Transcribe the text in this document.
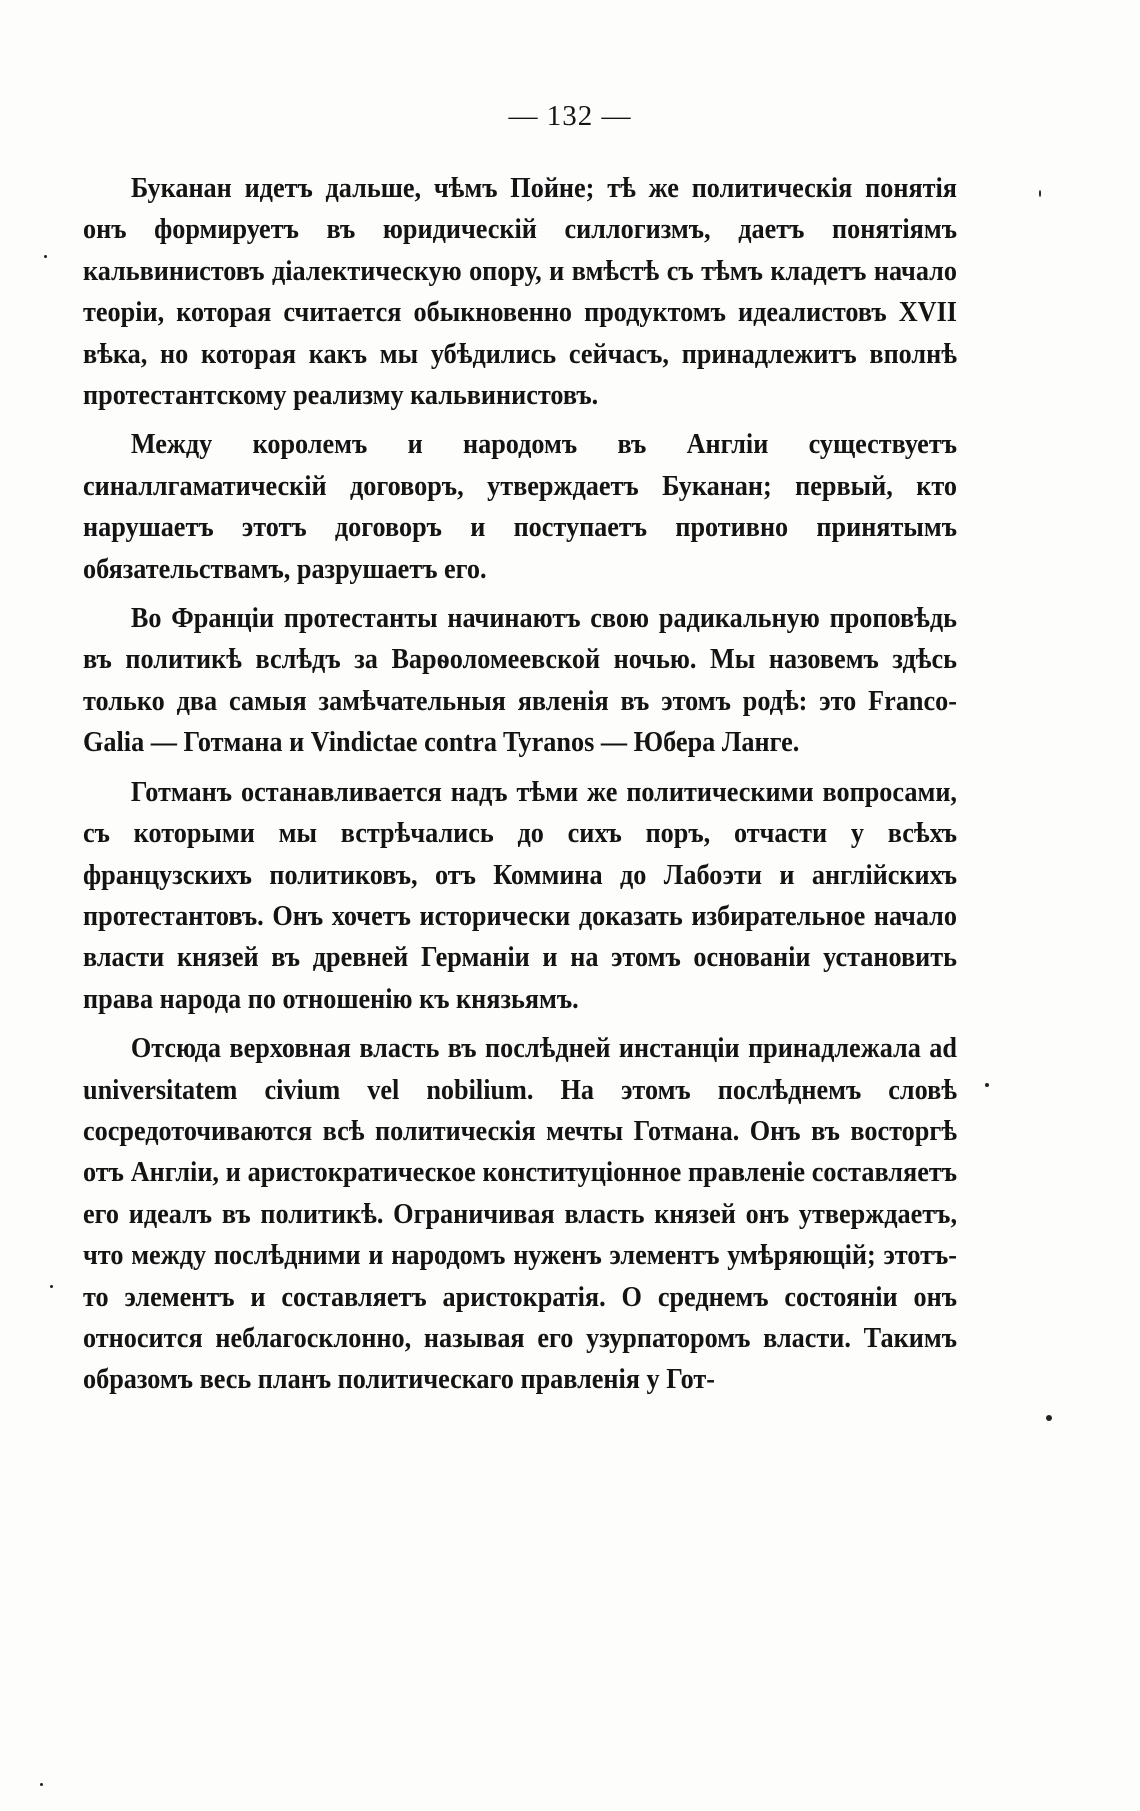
— 132 —

Буканан идетъ дальше, чѣмъ Пойне; тѣ же политическія понятія онъ формируетъ въ юридическій силлогизмъ, даетъ понятіямъ кальвинистовъ діалектическую опору, и вмѣстѣ съ тѣмъ кладетъ начало теоріи, которая считается обыкновенно продуктомъ идеалистовъ XVII вѣка, но которая какъ мы убѣдились сейчасъ, принадлежитъ вполнѣ протестантскому реализму кальвинистовъ.

Между королемъ и народомъ въ Англіи существуетъ синаллгаматическій договоръ, утверждаетъ Буканан; первый, кто нарушаетъ этотъ договоръ и поступаетъ противно принятымъ обязательствамъ, разрушаетъ его.

Во Франціи протестанты начинаютъ свою радикальную проповѣдь въ политикѣ вслѣдъ за Варѳоломеевской ночью. Мы назовемъ здѣсь только два самыя замѣчательныя явленія въ этомъ родѣ: это Franco-Galia — Готмана и Vindictae contra Tyranos — Юбера Ланге.

Готманъ останавливается надъ тѣми же политическими вопросами, съ которыми мы встрѣчались до сихъ поръ, отчасти у всѣхъ французскихъ политиковъ, отъ Коммина до Лабоэти и англійскихъ протестантовъ. Онъ хочетъ исторически доказать избирательное начало власти князей въ древней Германіи и на этомъ основаніи установить права народа по отношенію къ князьямъ.

Отсюда верховная власть въ послѣдней инстанціи принадлежала ad universitatem civium vel nobilium. На этомъ послѣднемъ словѣ сосредоточиваются всѣ политическія мечты Готмана. Онъ въ восторгѣ отъ Англіи, и аристократическое конституціонное правленіе составляетъ его идеалъ въ политикѣ. Ограничивая власть князей онъ утверждаетъ, что между послѣдними и народомъ нуженъ элементъ умѣряющій; этотъ-то элементъ и составляетъ аристократія. О среднемъ состояніи онъ относится неблагосклонно, называя его узурпаторомъ власти. Такимъ образомъ весь планъ политическаго правленія у Гот-
